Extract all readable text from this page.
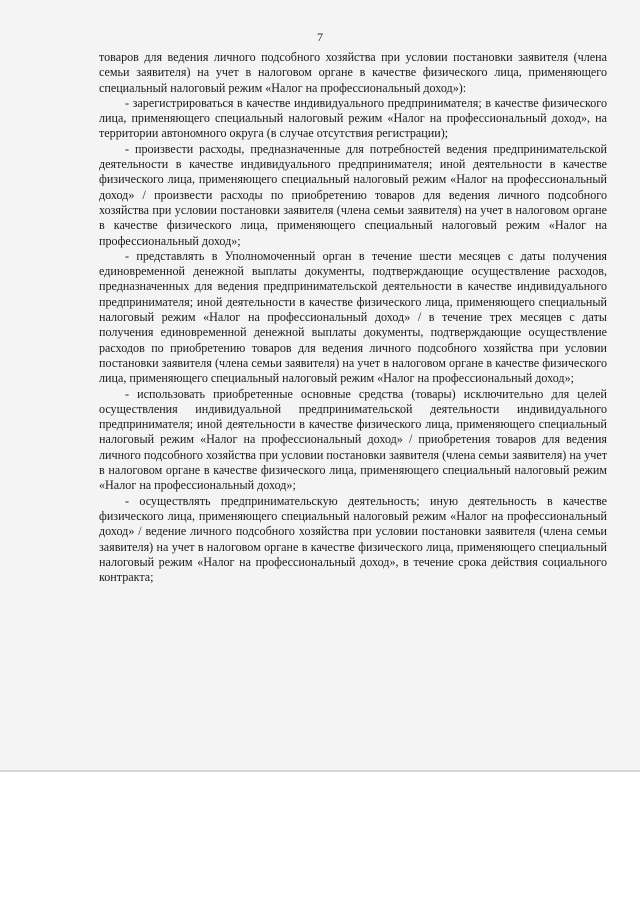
7

товаров для ведения личного подсобного хозяйства при условии постановки заявителя (члена семьи заявителя) на учет в налоговом органе в качестве физического лица, применяющего специальный налоговый режим «Налог на профессиональный доход»):

- зарегистрироваться в качестве индивидуального предпринимателя; в качестве физического лица, применяющего специальный налоговый режим «Налог на профессиональный доход», на территории автономного округа (в случае отсутствия регистрации);

- произвести расходы, предназначенные для потребностей ведения предпринимательской деятельности в качестве индивидуального предпринимателя; иной деятельности в качестве физического лица, применяющего специальный налоговый режим «Налог на профессиональный доход» / произвести расходы по приобретению товаров для ведения личного подсобного хозяйства при условии постановки заявителя (члена семьи заявителя) на учет в налоговом органе в качестве физического лица, применяющего специальный налоговый режим «Налог на профессиональный доход»;

- представлять в Уполномоченный орган в течение шести месяцев с даты получения единовременной денежной выплаты документы, подтверждающие осуществление расходов, предназначенных для ведения предпринимательской деятельности в качестве индивидуального предпринимателя; иной деятельности в качестве физического лица, применяющего специальный налоговый режим «Налог на профессиональный доход» / в течение трех месяцев с даты получения единовременной денежной выплаты документы, подтверждающие осуществление расходов по приобретению товаров для ведения личного подсобного хозяйства при условии постановки заявителя (члена семьи заявителя) на учет в налоговом органе в качестве физического лица, применяющего специальный налоговый режим «Налог на профессиональный доход»;

- использовать приобретенные основные средства (товары) исключительно для целей осуществления индивидуальной предпринимательской деятельности индивидуального предпринимателя; иной деятельности в качестве физического лица, применяющего специальный налоговый режим «Налог на профессиональный доход» / приобретения товаров для ведения личного подсобного хозяйства при условии постановки заявителя (члена семьи заявителя) на учет в налоговом органе в качестве физического лица, применяющего специальный налоговый режим «Налог на профессиональный доход»;

- осуществлять предпринимательскую деятельность; иную деятельность в качестве физического лица, применяющего специальный налоговый режим «Налог на профессиональный доход» / ведение личного подсобного хозяйства при условии постановки заявителя (члена семьи заявителя) на учет в налоговом органе в качестве физического лица, применяющего специальный налоговый режим «Налог на профессиональный доход», в течение срока действия социального контракта;
